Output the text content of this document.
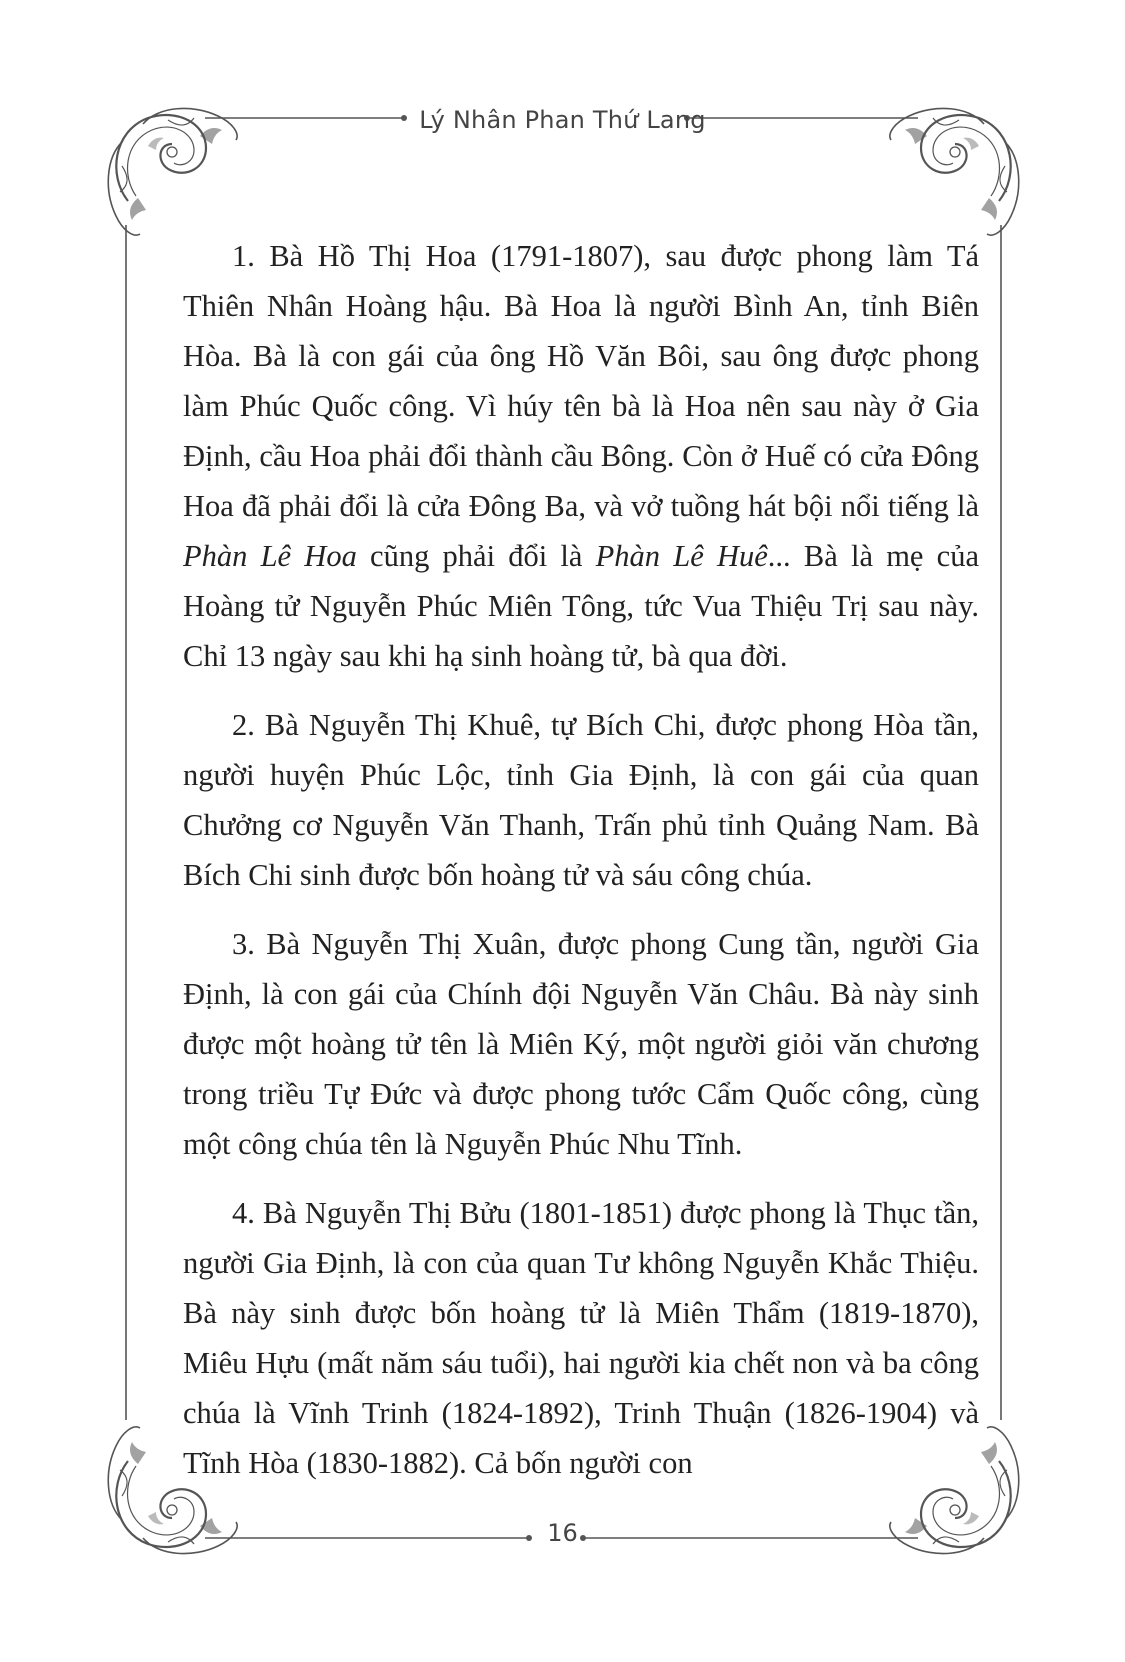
Lý Nhân Phan Thứ Lang

1. Bà Hồ Thị Hoa (1791-1807), sau được phong làm Tá Thiên Nhân Hoàng hậu. Bà Hoa là người Bình An, tỉnh Biên Hòa. Bà là con gái của ông Hồ Văn Bôi, sau ông được phong làm Phúc Quốc công. Vì húy tên bà là Hoa nên sau này ở Gia Định, cầu Hoa phải đổi thành cầu Bông. Còn ở Huế có cửa Đông Hoa đã phải đổi là cửa Đông Ba, và vở tuồng hát bội nổi tiếng là Phàn Lê Hoa cũng phải đổi là Phàn Lê Huê... Bà là mẹ của Hoàng tử Nguyễn Phúc Miên Tông, tức Vua Thiệu Trị sau này. Chỉ 13 ngày sau khi hạ sinh hoàng tử, bà qua đời.

2. Bà Nguyễn Thị Khuê, tự Bích Chi, được phong Hòa tần, người huyện Phúc Lộc, tỉnh Gia Định, là con gái của quan Chưởng cơ Nguyễn Văn Thanh, Trấn phủ tỉnh Quảng Nam. Bà Bích Chi sinh được bốn hoàng tử và sáu công chúa.

3. Bà Nguyễn Thị Xuân, được phong Cung tần, người Gia Định, là con gái của Chính đội Nguyễn Văn Châu. Bà này sinh được một hoàng tử tên là Miên Ký, một người giỏi văn chương trong triều Tự Đức và được phong tước Cẩm Quốc công, cùng một công chúa tên là Nguyễn Phúc Nhu Tĩnh.

4. Bà Nguyễn Thị Bửu (1801-1851) được phong là Thục tần, người Gia Định, là con của quan Tư không Nguyễn Khắc Thiệu. Bà này sinh được bốn hoàng tử là Miên Thẩm (1819-1870), Miêu Hựu (mất năm sáu tuổi), hai người kia chết non và ba công chúa là Vĩnh Trinh (1824-1892), Trinh Thuận (1826-1904) và Tĩnh Hòa (1830-1882). Cả bốn người con

16
